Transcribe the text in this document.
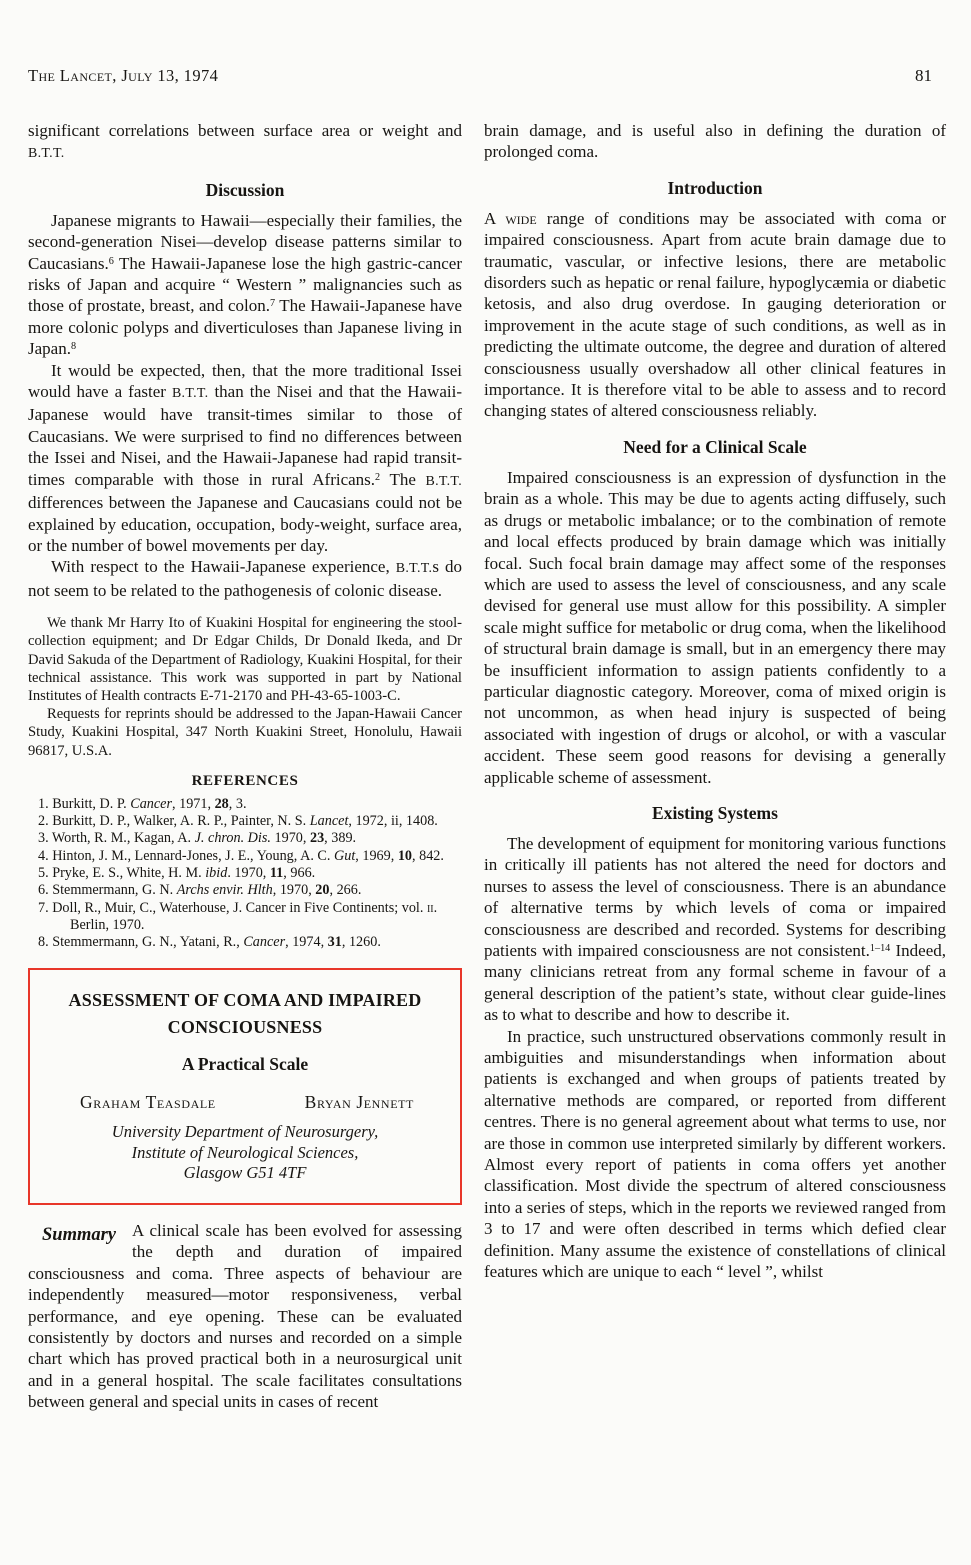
The Lancet, July 13, 1974	81

significant correlations between surface area or weight and B.T.T.

Discussion

Japanese migrants to Hawaii—especially their families, the second-generation Nisei—develop disease patterns similar to Caucasians.$^6$ The Hawaii-Japanese lose the high gastric-cancer risks of Japan and acquire “ Western ” malignancies such as those of prostate, breast, and colon.$^7$ The Hawaii-Japanese have more colonic polyps and diverticuloses than Japanese living in Japan.$^8$

It would be expected, then, that the more traditional Issei would have a faster B.T.T. than the Nisei and that the Hawaii-Japanese would have transit-times similar to those of Caucasians. We were surprised to find no differences between the Issei and Nisei, and the Hawaii-Japanese had rapid transit-times comparable with those in rural Africans.$^2$ The B.T.T. differences between the Japanese and Caucasians could not be explained by education, occupation, body-weight, surface area, or the number of bowel movements per day.

With respect to the Hawaii-Japanese experience, B.T.T.s do not seem to be related to the pathogenesis of colonic disease.

We thank Mr Harry Ito of Kuakini Hospital for engineering the stool-collection equipment; and Dr Edgar Childs, Dr Donald Ikeda, and Dr David Sakuda of the Department of Radiology, Kuakini Hospital, for their technical assistance. This work was supported in part by National Institutes of Health contracts E-71-2170 and PH-43-65-1003-C.

Requests for reprints should be addressed to the Japan-Hawaii Cancer Study, Kuakini Hospital, 347 North Kuakini Street, Honolulu, Hawaii 96817, U.S.A.

REFERENCES
1. Burkitt, D. P. Cancer, 1971, 28, 3.
2. Burkitt, D. P., Walker, A. R. P., Painter, N. S. Lancet, 1972, ii, 1408.
3. Worth, R. M., Kagan, A. J. chron. Dis. 1970, 23, 389.
4. Hinton, J. M., Lennard-Jones, J. E., Young, A. C. Gut, 1969, 10, 842.
5. Pryke, E. S., White, H. M. ibid. 1970, 11, 966.
6. Stemmermann, G. N. Archs envir. Hlth, 1970, 20, 266.
7. Doll, R., Muir, C., Waterhouse, J. Cancer in Five Continents; vol. ii. Berlin, 1970.
8. Stemmermann, G. N., Yatani, R., Cancer, 1974, 31, 1260.
ASSESSMENT OF COMA AND IMPAIRED
CONSCIOUSNESS
A Practical Scale
Graham Teasdale	Bryan Jennett
University Department of Neurosurgery,
Institute of Neurological Sciences,
Glasgow G51 4TF
Summary A clinical scale has been evolved for assessing the depth and duration of impaired consciousness and coma. Three aspects of behaviour are independently measured—motor responsiveness, verbal performance, and eye opening. These can be evaluated consistently by doctors and nurses and recorded on a simple chart which has proved practical both in a neurosurgical unit and in a general hospital. The scale facilitates consultations between general and special units in cases of recent

brain damage, and is useful also in defining the duration of prolonged coma.

Introduction

A wide range of conditions may be associated with coma or impaired consciousness. Apart from acute brain damage due to traumatic, vascular, or infective lesions, there are metabolic disorders such as hepatic or renal failure, hypoglycæmia or diabetic ketosis, and also drug overdose. In gauging deterioration or improvement in the acute stage of such conditions, as well as in predicting the ultimate outcome, the degree and duration of altered consciousness usually overshadow all other clinical features in importance. It is therefore vital to be able to assess and to record changing states of altered consciousness reliably.

Need for a Clinical Scale

Impaired consciousness is an expression of dysfunction in the brain as a whole. This may be due to agents acting diffusely, such as drugs or metabolic imbalance; or to the combination of remote and local effects produced by brain damage which was initially focal. Such focal brain damage may affect some of the responses which are used to assess the level of consciousness, and any scale devised for general use must allow for this possibility. A simpler scale might suffice for metabolic or drug coma, when the likelihood of structural brain damage is small, but in an emergency there may be insufficient information to assign patients confidently to a particular diagnostic category. Moreover, coma of mixed origin is not uncommon, as when head injury is suspected of being associated with ingestion of drugs or alcohol, or with a vascular accident. These seem good reasons for devising a generally applicable scheme of assessment.

Existing Systems

The development of equipment for monitoring various functions in critically ill patients has not altered the need for doctors and nurses to assess the level of consciousness. There is an abundance of alternative terms by which levels of coma or impaired consciousness are described and recorded. Systems for describing patients with impaired consciousness are not consistent.$^{1-14}$ Indeed, many clinicians retreat from any formal scheme in favour of a general description of the patient’s state, without clear guide-lines as to what to describe and how to describe it.

In practice, such unstructured observations commonly result in ambiguities and misunderstandings when information about patients is exchanged and when groups of patients treated by alternative methods are compared, or reported from different centres. There is no general agreement about what terms to use, nor are those in common use interpreted similarly by different workers. Almost every report of patients in coma offers yet another classification. Most divide the spectrum of altered consciousness into a series of steps, which in the reports we reviewed ranged from 3 to 17 and were often described in terms which defied clear definition. Many assume the existence of constellations of clinical features which are unique to each “ level ”, whilst
